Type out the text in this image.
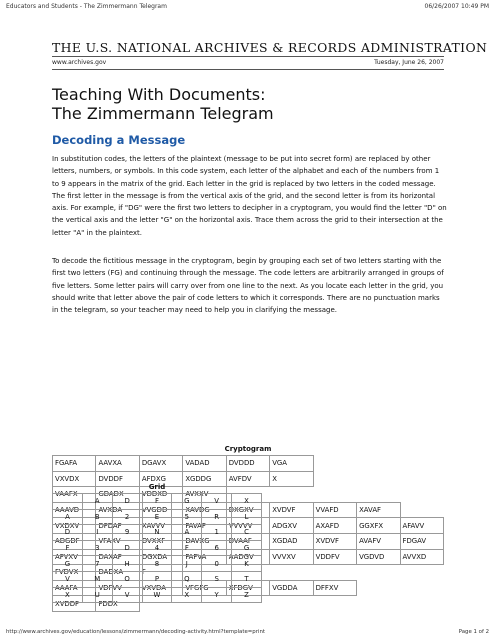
Educators and Students - The Zimmermann Telegram	06/26/2007 10:49 PM
THE U.S. NATIONAL ARCHIVES & RECORDS ADMINISTRATION
www.archives.gov	Tuesday, June 26, 2007
Teaching With Documents:
The Zimmermann Telegram
Decoding a Message

In substitution codes, the letters of the plaintext (message to be put into secret form) are replaced by other letters, numbers, or symbols. In this code system, each letter of the alphabet and each of the numbers from 1 to 9 appears in the matrix of the grid. Each letter in the grid is replaced by two letters in the coded message. The first letter in the message is from the vertical axis of the grid, and the second letter is from its horizontal axis. For example, if "DG" were the first two letters to decipher in a cryptogram, you would find the letter "D" on the vertical axis and the letter "G" on the horizontal axis. Trace them across the grid to their intersection at the letter "A" in the plaintext.

To decode the fictitious message in the cryptogram, begin by grouping each set of two letters starting with the first two letters (FG) and continuing through the message. The code letters are arbitrarily arranged in groups of five letters. Some letter pairs will carry over from one line to the next. As you locate each letter in the grid, you should write that letter above the pair of code letters to which it corresponds. There are no punctuation marks in the telegram, so your teacher may need to help you in clarifying the message.

Cryptogram
FGAFA	AAVXA	DGAVX	VADAD	DVDDD	VGA			
VXVDX	DVDDF	AFDXG	XGDDG	AVFDV	X			
VAAFX	GDADX	VDDXD	AVXXV					
AAAVD	AVXDA	VVGDD	XAVDG	DXGXV	XVDVF	VVAFD	XAVAF	
VXDXV	DFDAF	XAVVV	FAVAF	VVVVV	ADGXV	AXAFD	GGXFX	AFAVV
ADGDF	VFAXV	DVXXF	DAVXG	DVAAF	XGDAD	XVDVF	AVAFV	FDGAV
AFVXV	DAXAF	DGXDA	FAFVA	AADGV	VVVXV	VDDFV	VGDVD	AVVXD
FVDVX	DADXA	F						
AAAFA	VDFVV	VXVDA	VFGFG	XFDGV	VGDDA	DFFXV		
XVDDF	FDDX							
Grid
	A	D	F	G	V	X
A	B	2	E	5	R	L
D	I	9	N	A	1	C
F	3	D	4	F	6	G
G	7	H	8	J	0	K
V	M	O	P	Q	S	T
X	U	V	W	X	Y	Z
http://www.archives.gov/education/lessons/zimmermann/decoding-activity.html?template=print	Page 1 of 2
